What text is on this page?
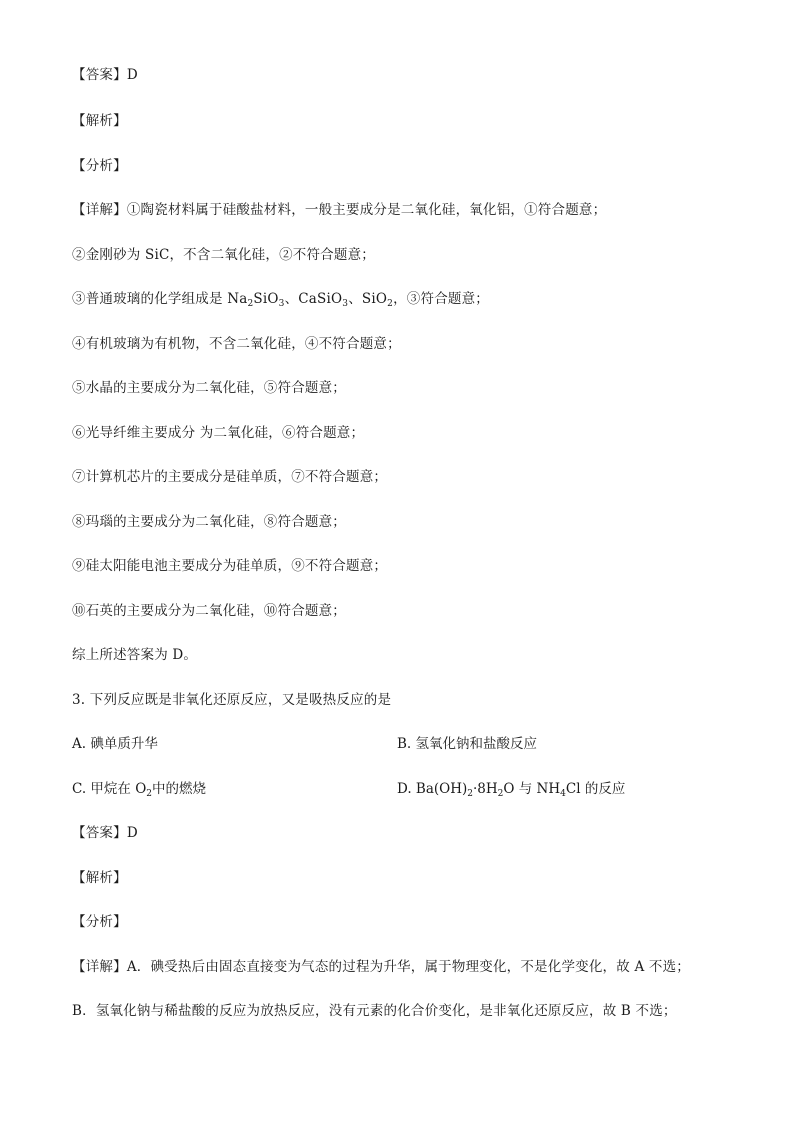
【答案】D
【解析】
【分析】
【详解】①陶瓷材料属于硅酸盐材料，一般主要成分是二氧化硅，氧化铝，①符合题意；
②金刚砂为 SiC，不含二氧化硅，②不符合题意；
③普通玻璃的化学组成是 $Na_2SiO_3$、CaSiO$_3$、SiO$_2$，③符合题意；
④有机玻璃为有机物，不含二氧化硅，④不符合题意；
⑤水晶的主要成分为二氧化硅，⑤符合题意；
⑥光导纤维主要成分 为二氧化硅，⑥符合题意；
⑦计算机芯片的主要成分是硅单质，⑦不符合题意；
⑧玛瑙的主要成分为二氧化硅，⑧符合题意；
⑨硅太阳能电池主要成分为硅单质，⑨不符合题意；
⑩石英的主要成分为二氧化硅，⑩符合题意；
综上所述答案为 D。
3. 下列反应既是非氧化还原反应，又是吸热反应的是
A. 碘单质升华	B. 氢氧化钠和盐酸反应
C. 甲烷在 $O_2$中的燃烧	D. $Ba(OH)_2\cdot 8H_2O$ 与 $NH_4Cl$ 的反应
【答案】D
【解析】
【分析】
【详解】A．碘受热后由固态直接变为气态的过程为升华，属于物理变化，不是化学变化，故 A 不选；
B．氢氧化钠与稀盐酸的反应为放热反应，没有元素的化合价变化，是非氧化还原反应，故 B 不选；
